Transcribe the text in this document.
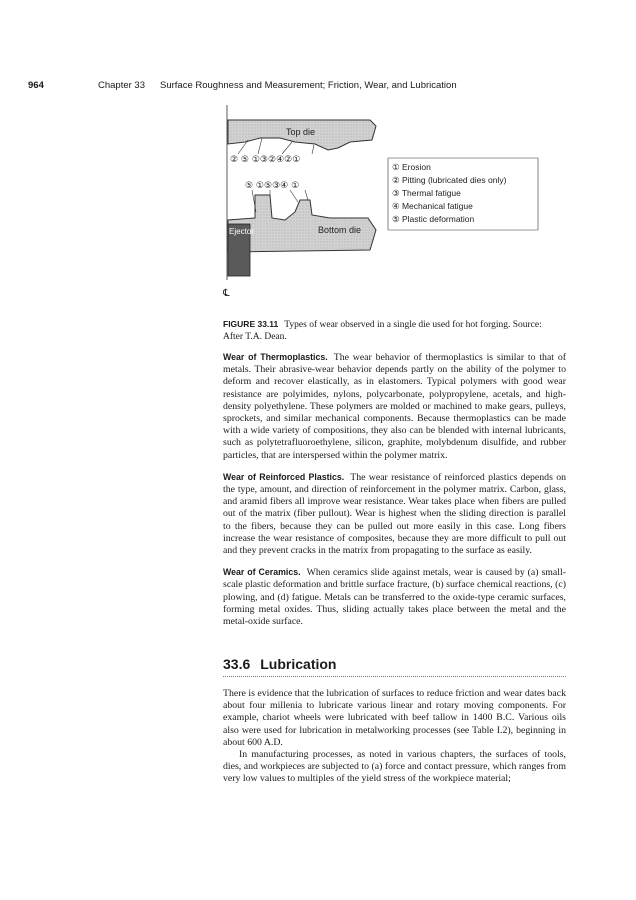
964	Chapter 33 Surface Roughness and Measurement; Friction, Wear, and Lubrication
Top die
② ⑤ ①③②④②①
⑤ ①⑤③④ ①
Bottom die
Ejector
℄
① Erosion
② Pitting (lubricated dies only)
③ Thermal fatigue
④ Mechanical fatigue
⑤ Plastic deformation
FIGURE 33.11 Types of wear observed in a single die used for hot forging. Source: After T.A. Dean.

Wear of Thermoplastics. The wear behavior of thermoplastics is similar to that of metals. Their abrasive-wear behavior depends partly on the ability of the polymer to deform and recover elastically, as in elastomers. Typical polymers with good wear resistance are polyimides, nylons, polycarbonate, polypropylene, acetals, and high-density polyethylene. These polymers are molded or machined to make gears, pulleys, sprockets, and similar mechanical components. Because thermoplastics can be made with a wide variety of compositions, they also can be blended with internal lubricants, such as polytetrafluoroethylene, silicon, graphite, molybdenum disulfide, and rubber particles, that are interspersed within the polymer matrix.

Wear of Reinforced Plastics. The wear resistance of reinforced plastics depends on the type, amount, and direction of reinforcement in the polymer matrix. Carbon, glass, and aramid fibers all improve wear resistance. Wear takes place when fibers are pulled out of the matrix (fiber pullout). Wear is highest when the sliding direction is parallel to the fibers, because they can be pulled out more easily in this case. Long fibers increase the wear resistance of composites, because they are more difficult to pull out and they prevent cracks in the matrix from propagating to the surface as easily.

Wear of Ceramics. When ceramics slide against metals, wear is caused by (a) small-scale plastic deformation and brittle surface fracture, (b) surface chemical reactions, (c) plowing, and (d) fatigue. Metals can be transferred to the oxide-type ceramic surfaces, forming metal oxides. Thus, sliding actually takes place between the metal and the metal-oxide surface.

33.6 Lubrication

There is evidence that the lubrication of surfaces to reduce friction and wear dates back about four millenia to lubricate various linear and rotary moving components. For example, chariot wheels were lubricated with beef tallow in 1400 B.C. Various oils also were used for lubrication in metalworking processes (see Table I.2), beginning in about 600 A.D.

In manufacturing processes, as noted in various chapters, the surfaces of tools, dies, and workpieces are subjected to (a) force and contact pressure, which ranges from very low values to multiples of the yield stress of the workpiece material;
